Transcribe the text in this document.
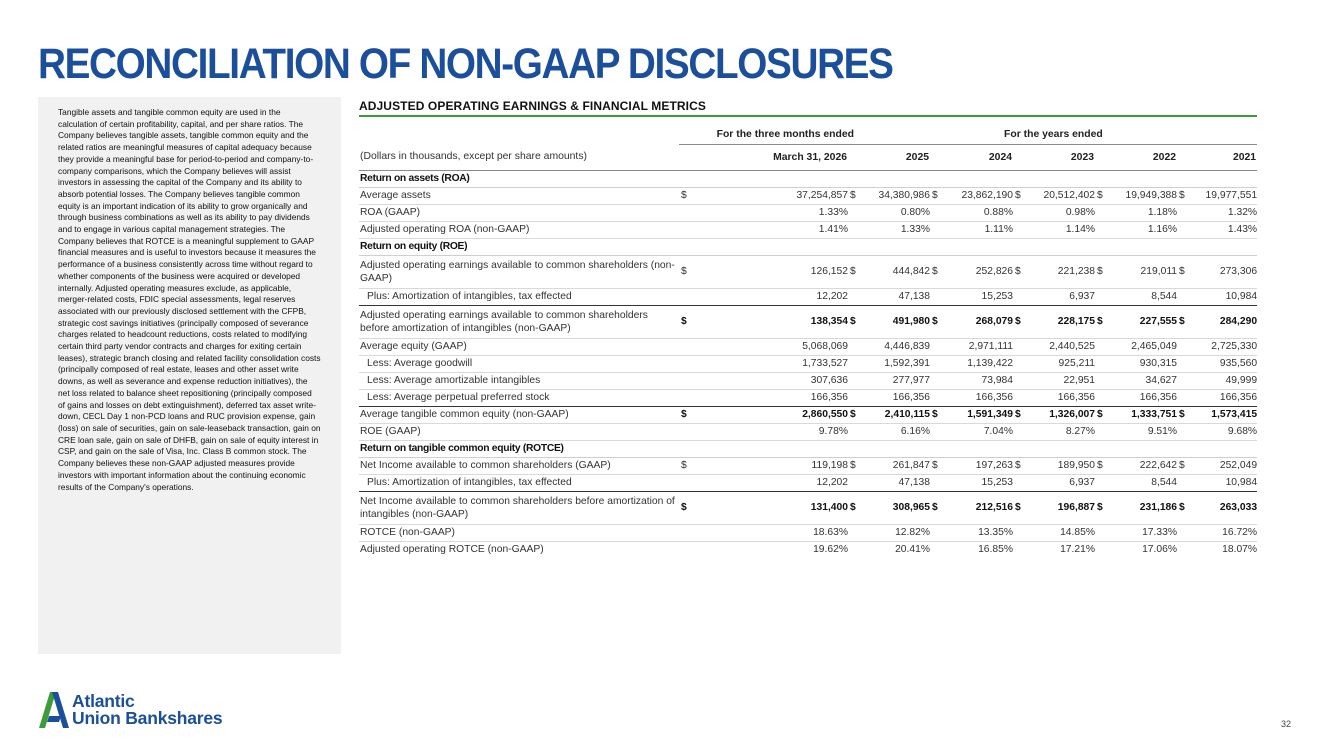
RECONCILIATION OF NON-GAAP DISCLOSURES

Tangible assets and tangible common equity are used in the calculation of certain profitability, capital, and per share ratios. The Company believes tangible assets, tangible common equity and the related ratios are meaningful measures of capital adequacy because they provide a meaningful base for period-to-period and company-to-company comparisons, which the Company believes will assist investors in assessing the capital of the Company and its ability to absorb potential losses. The Company believes tangible common equity is an important indication of its ability to grow organically and through business combinations as well as its ability to pay dividends and to engage in various capital management strategies. The Company believes that ROTCE is a meaningful supplement to GAAP financial measures and is useful to investors because it measures the performance of a business consistently across time without regard to whether components of the business were acquired or developed internally. Adjusted operating measures exclude, as applicable, merger-related costs, FDIC special assessments, legal reserves associated with our previously disclosed settlement with the CFPB, strategic cost savings initiatives (principally composed of severance charges related to headcount reductions, costs related to modifying certain third party vendor contracts and charges for exiting certain leases), strategic branch closing and related facility consolidation costs (principally composed of real estate, leases and other asset write downs, as well as severance and expense reduction initiatives), the net loss related to balance sheet repositioning (principally composed of gains and losses on debt extinguishment), deferred tax asset write-down, CECL Day 1 non-PCD loans and RUC provision expense, gain (loss) on sale of securities, gain on sale-leaseback transaction, gain on CRE loan sale, gain on sale of DHFB, gain on sale of equity interest in CSP, and gain on the sale of Visa, Inc. Class B common stock. The Company believes these non-GAAP adjusted measures provide investors with important information about the continuing economic results of the Company's operations.

ADJUSTED OPERATING EARNINGS & FINANCIAL METRICS
	For the three months ended					For the years ended						
(Dollars in thousands, except per share amounts)	March 31, 2026		2025		2024		2023		2022		2021	
Return on assets (ROA)												
Average assets	$	37,254,857	$	34,380,986	$	23,862,190	$	20,512,402	$	19,949,388	$	19,977,551
ROA (GAAP)		1.33%		0.80%		0.88%		0.98%		1.18%		1.32%
Adjusted operating ROA (non-GAAP)		1.41%		1.33%		1.11%		1.14%		1.16%		1.43%
Return on equity (ROE)												
Adjusted operating earnings available to common shareholders (non-GAAP)	$	126,152	$	444,842	$	252,826	$	221,238	$	219,011	$	273,306
Plus: Amortization of intangibles, tax effected		12,202		47,138		15,253		6,937		8,544		10,984
Adjusted operating earnings available to common shareholders before amortization of intangibles (non-GAAP)	$	138,354	$	491,980	$	268,079	$	228,175	$	227,555	$	284,290
Average equity (GAAP)		5,068,069		4,446,839		2,971,111		2,440,525		2,465,049		2,725,330
Less: Average goodwill		1,733,527		1,592,391		1,139,422		925,211		930,315		935,560
Less: Average amortizable intangibles		307,636		277,977		73,984		22,951		34,627		49,999
Less: Average perpetual preferred stock		166,356		166,356		166,356		166,356		166,356		166,356
Average tangible common equity (non-GAAP)	$	2,860,550	$	2,410,115	$	1,591,349	$	1,326,007	$	1,333,751	$	1,573,415
ROE (GAAP)		9.78%		6.16%		7.04%		8.27%		9.51%		9.68%
Return on tangible common equity (ROTCE)												
Net Income available to common shareholders (GAAP)	$	119,198	$	261,847	$	197,263	$	189,950	$	222,642	$	252,049
Plus: Amortization of intangibles, tax effected		12,202		47,138		15,253		6,937		8,544		10,984
Net Income available to common shareholders before amortization of intangibles (non-GAAP)	$	131,400	$	308,965	$	212,516	$	196,887	$	231,186	$	263,033
ROTCE (non-GAAP)		18.63%		12.82%		13.35%		14.85%		17.33%		16.72%
Adjusted operating ROTCE (non-GAAP)		19.62%		20.41%		16.85%		17.21%		17.06%		18.07%
Atlantic
Union Bankshares	32
